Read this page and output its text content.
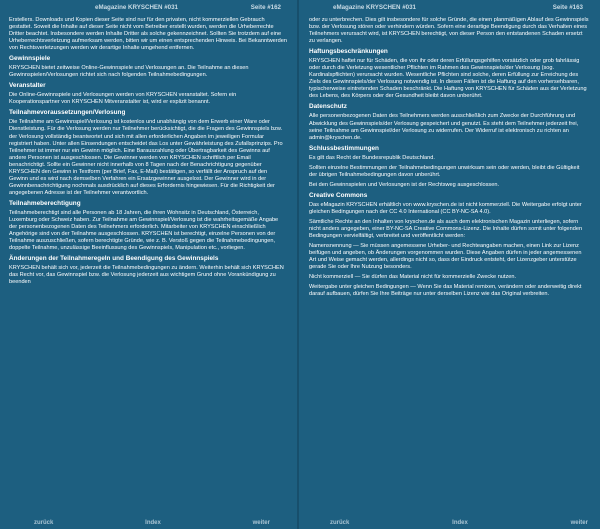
eMagazine KRYSCHEN #031	Seite #162

Erstellers. Downloads und Kopien dieser Seite sind nur für den privaten, nicht kommerziellen Gebrauch gestattet. Soweit die Inhalte auf dieser Seite nicht vom Betreiber erstellt wurden, werden die Urheberrechte Dritter beachtet. Insbesondere werden Inhalte Dritter als solche gekennzeichnet. Sollten Sie trotzdem auf eine Urheberrechtsverletzung aufmerksam werden, bitten wir um einen entsprechenden Hinweis. Bei Bekanntwerden von Rechtsverletzungen werden wir derartige Inhalte umgehend entfernen.

Gewinnspiele

KRYSCHEN bietet zeitweise Online-Gewinnspiele und Verlosungen an. Die Teilnahme an diesen Gewinnspielen/Verlosungen richtet sich nach folgenden Teilnahmebedingungen.

Veranstalter

Die Online-Gewinnspiele und Verlosungen werden von KRYSCHEN veranstaltet. Sofern ein Kooperationspartner von KRYSCHEN Mitveranstalter ist, wird er explizit benannt.

Teilnahmevoraussetzungen/Verlosung

Die Teilnahme am Gewinnspiel/Verlosung ist kostenlos und unabhängig von dem Erwerb einer Ware oder Dienstleistung. Für die Verlosung werden nur Teilnehmer berücksichtigt, die die Fragen des Gewinnspiels bzw. der Verlosung vollständig beantwortet und sich mit allen erforderlichen Angaben im jeweiligen Formular registriert haben. Unter allen Einsendungen entscheidet das Los unter Gewährleistung des Zufallsprinzips. Pro Teilnehmer ist immer nur ein Gewinn möglich. Eine Barauszahlung oder Übertragbarkeit des Gewinns auf andere Personen ist ausgeschlossen. Die Gewinner werden von KRYSCHEN schriftlich per Email benachrichtigt. Sollte ein Gewinner nicht innerhalb von 8 Tagen nach der Benachrichtigung gegenüber KRYSCHEN den Gewinn in Textform (per Brief, Fax, E-Mail) bestätigen, so verfällt der Anspruch auf den Gewinn und es wird nach demselben Verfahren ein Ersatzgewinner ausgelost. Der Gewinner wird in der Gewinnbenachrichtigung nochmals ausdrücklich auf dieses Erfordernis hingewiesen. Für die Richtigkeit der angegebenen Adresse ist der Teilnehmer verantwortlich.

Teilnahmeberechtigung

Teilnahmeberechtigt sind alle Personen ab 18 Jahren, die ihren Wohnsitz in Deutschland, Österreich, Luxemburg oder Schweiz haben. Zur Teilnahme am Gewinnspiel/Verlosung ist die wahrheitsgemäße Angabe der personenbezogenen Daten des Teilnehmers erforderlich. Mitarbeiter von KRYSCHEN einschließlich Angehörige sind von der Teilnahme ausgeschlossen. KRYSCHEN ist berechtigt, einzelne Personen von der Teilnahme auszuschließen, sofern berechtigte Gründe, wie z. B. Verstoß gegen die Teilnahmebedingungen, doppelte Teilnahme, unzulässige Beeinflussung des Gewinnspiels, Manipulation etc., vorliegen.

Änderungen der Teilnahmeregeln und Beendigung des Gewinnspiels

KRYSCHEN behält sich vor, jederzeit die Teilnahmebedingungen zu ändern. Weiterhin behält sich KRYSCHEN das Recht vor, das Gewinnspiel bzw. die Verlosung jederzeit aus wichtigem Grund ohne Vorankündigung zu beenden

zurück	Index	weiter
eMagazine KRYSCHEN #031	Seite #163

oder zu unterbrechen. Dies gilt insbesondere für solche Gründe, die einen planmäßigen Ablauf des Gewinnspiels bzw. der Verlosung stören oder verhindern würden. Sofern eine derartige Beendigung durch das Verhalten eines Teilnehmers verursacht wird, ist KRYSCHEN berechtigt, von dieser Person den entstandenen Schaden ersetzt zu verlangen.

Haftungsbeschränkungen

KRYSCHEN haftet nur für Schäden, die von ihr oder deren Erfüllungsgehilfen vorsätzlich oder grob fahrlässig oder durch die Verletzung wesentlicher Pflichten im Rahmen des Gewinnspiels/der Verlosung (sog. Kardinalspflichten) verursacht wurden. Wesentliche Pflichten sind solche, deren Erfüllung zur Erreichung des Ziels des Gewinnspiels/der Verlosung notwendig ist. In diesen Fällen ist die Haftung auf den vorhersehbaren, typischerweise eintretenden Schaden beschränkt. Die Haftung von KRYSCHEN für Schäden aus der Verletzung des Lebens, des Körpers oder der Gesundheit bleibt davon unberührt.

Datenschutz

Alle personenbezogenen Daten des Teilnehmers werden ausschließlich zum Zwecke der Durchführung und Abwicklung des Gewinnspiels/der Verlosung gespeichert und genutzt. Es steht dem Teilnehmer jederzeit frei, seine Teilnahme am Gewinnspiel/der Verlosung zu widerrufen. Der Widerruf ist elektronisch zu richten an admin@kryschen.de.

Schlussbestimmungen

Es gilt das Recht der Bundesrepublik Deutschland.

Sollten einzelne Bestimmungen der Teilnahmebedingungen unwirksam sein oder werden, bleibt die Gültigkeit der übrigen Teilnahmebedingungen davon unberührt.

Bei den Gewinnspielen und Verlosungen ist der Rechtsweg ausgeschlossen.

Creative Commons

Das eMagazin KRYSCHEN erhältlich von www.kryschen.de ist nicht kommerziell. Die Weitergabe erfolgt unter gleichen Bedingungen nach der CC 4.0 International (CC BY-NC-SA 4.0).

Sämtliche Rechte an den Inhalten von kryschen.de als auch dem elektronischen Magazin unterliegen, sofern nicht anders angegeben, einer BY-NC-SA Creative Commons-Lizenz. Die Inhalte dürfen somit unter folgenden Bedingungen vervielfältigt, verbreitet und veröffentlicht werden:

Namensnennung — Sie müssen angemessene Urheber- und Rechteangaben machen, einen Link zur Lizenz beifügen und angeben, ob Änderungen vorgenommen wurden. Diese Angaben dürfen in jeder angemessenen Art und Weise gemacht werden, allerdings nicht so, dass der Eindruck entsteht, der Lizenzgeber unterstütze gerade Sie oder Ihre Nutzung besonders.

Nicht kommerziell — Sie dürfen das Material nicht für kommerzielle Zwecke nutzen.

Weitergabe unter gleichen Bedingungen — Wenn Sie das Material remixen, verändern oder anderweitig direkt darauf aufbauen, dürfen Sie Ihre Beiträge nur unter derselben Lizenz wie das Original verbreiten.

zurück	Index	weiter
